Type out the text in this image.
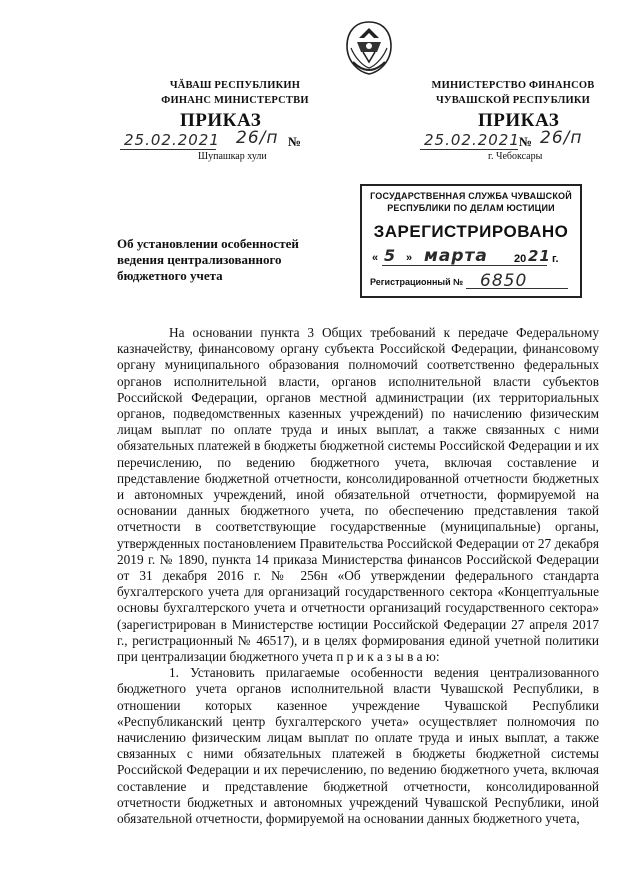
ЧĂВАШ РЕСПУБЛИКИН
ФИНАНС МИНИСТЕРСТВИ
ПРИКАЗ
25.02.2021 26/п №
Шупашкар хули
МИНИСТЕРСТВО ФИНАНСОВ
ЧУВАШСКОЙ РЕСПУБЛИКИ
ПРИКАЗ
25.02.2021 № 26/п
г. Чебоксары
ГОСУДАРСТВЕННАЯ СЛУЖБА ЧУВАШСКОЙ
РЕСПУБЛИКИ ПО ДЕЛАМ ЮСТИЦИИ
ЗАРЕГИСТРИРОВАНО
« 5 » марта 20 21 г.
Регистрационный № 6850
Об установлении особенностей
ведения централизованного
бюджетного учета

На основании пункта 3 Общих требований к передаче Федеральному казначейству, финансовому органу субъекта Российской Федерации, финансовому органу муниципального образования полномочий соответственно федеральных органов исполнительной власти, органов исполнительной власти субъектов Российской Федерации, органов местной администрации (их территориальных органов, подведомственных казенных учреждений) по начислению физическим лицам выплат по оплате труда и иных выплат, а также связанных с ними обязательных платежей в бюджеты бюджетной системы Российской Федерации и их перечислению, по ведению бюджетного учета, включая составление и представление бюджетной отчетности, консолидированной отчетности бюджетных и автономных учреждений, иной обязательной отчетности, формируемой на основании данных бюджетного учета, по обеспечению представления такой отчетности в соответствующие государственные (муниципальные) органы, утвержденных постановлением Правительства Российской Федерации от 27 декабря 2019 г. № 1890, пункта 14 приказа Министерства финансов Российской Федерации от 31 декабря 2016 г. № 256н «Об утверждении федерального стандарта бухгалтерского учета для организаций государственного сектора «Концептуальные основы бухгалтерского учета и отчетности организаций государственного сектора» (зарегистрирован в Министерстве юстиции Российской Федерации 27 апреля 2017 г., регистрационный № 46517), и в целях формирования единой учетной политики при централизации бюджетного учета п р и к а з ы в а ю:

1. Установить прилагаемые особенности ведения централизованного бюджетного учета органов исполнительной власти Чувашской Республики, в отношении которых казенное учреждение Чувашской Республики «Республиканский центр бухгалтерского учета» осуществляет полномочия по начислению физическим лицам выплат по оплате труда и иных выплат, а также связанных с ними обязательных платежей в бюджеты бюджетной системы Российской Федерации и их перечислению, по ведению бюджетного учета, включая составление и представление бюджетной отчетности, консолидированной отчетности бюджетных и автономных учреждений Чувашской Республики, иной обязательной отчетности, формируемой на основании данных бюджетного учета,
